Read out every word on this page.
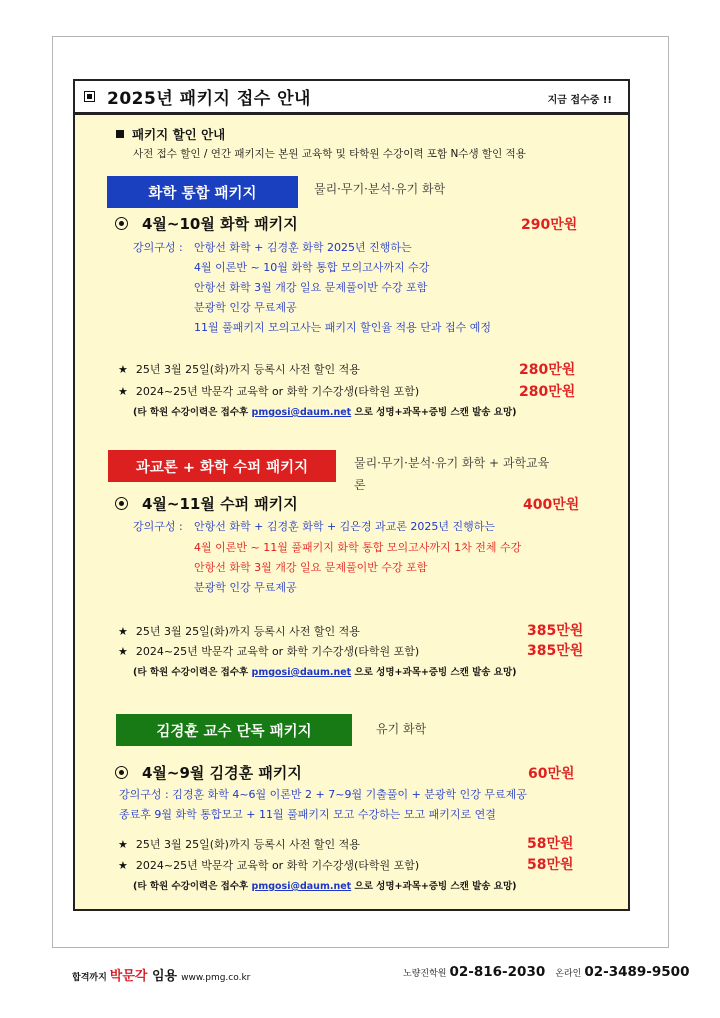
2025년 패키지 접수 안내	지금 접수중 !!
패키지 할인 안내
사전 접수 할인 / 연간 패키지는 본원 교육학 및 타학원 수강이력 포함 N수생 할인 적용
화학 통합 패키지	물리·무기·분석·유기 화학
4월~10월 화학 패키지	290만원
강의구성 : 안항선 화학 + 김경훈 화학 2025년 진행하는
4월 이론반 ~ 10월 화학 통합 모의고사까지 수강
안항선 화학 3월 개강 일요 문제풀이반 수강 포함
분광학 인강 무료제공
11월 풀패키지 모의고사는 패키지 할인율 적용 단과 접수 예정
★ 25년 3월 25일(화)까지 등록시 사전 할인 적용	280만원
★ 2024~25년 박문각 교육학 or 화학 기수강생(타학원 포함)	280만원
(타 학원 수강이력은 접수후 pmgosi@daum.net 으로 성명+과목+증빙 스캔 발송 요망)
과교론 + 화학 수퍼 패키지	물리·무기·분석·유기 화학 + 과학교육
론
4월~11월 수퍼 패키지	400만원
강의구성 : 안항선 화학 + 김경훈 화학 + 김은경 과교론 2025년 진행하는
4월 이론반 ~ 11월 풀패키지 화학 통합 모의고사까지 1차 전체 수강
안항선 화학 3월 개강 일요 문제풀이반 수강 포함
분광학 인강 무료제공
★ 25년 3월 25일(화)까지 등록시 사전 할인 적용	385만원
★ 2024~25년 박문각 교육학 or 화학 기수강생(타학원 포함)	385만원
(타 학원 수강이력은 접수후 pmgosi@daum.net 으로 성명+과목+증빙 스캔 발송 요망)
김경훈 교수 단독 패키지	유기 화학
4월~9월 김경훈 패키지	60만원
강의구성 : 김경훈 화학 4~6월 이론반 2 + 7~9월 기출풀이 + 분광학 인강 무료제공
종료후 9월 화학 통합모고 + 11월 풀패키지 모고 수강하는 모고 패키지로 연결
★ 25년 3월 25일(화)까지 등록시 사전 할인 적용	58만원
★ 2024~25년 박문각 교육학 or 화학 기수강생(타학원 포함)	58만원
(타 학원 수강이력은 접수후 pmgosi@daum.net 으로 성명+과목+증빙 스캔 발송 요망)
합격까지 박문각 임용 www.pmg.co.kr	노량진학원 02-816-2030 온라인 02-3489-9500
